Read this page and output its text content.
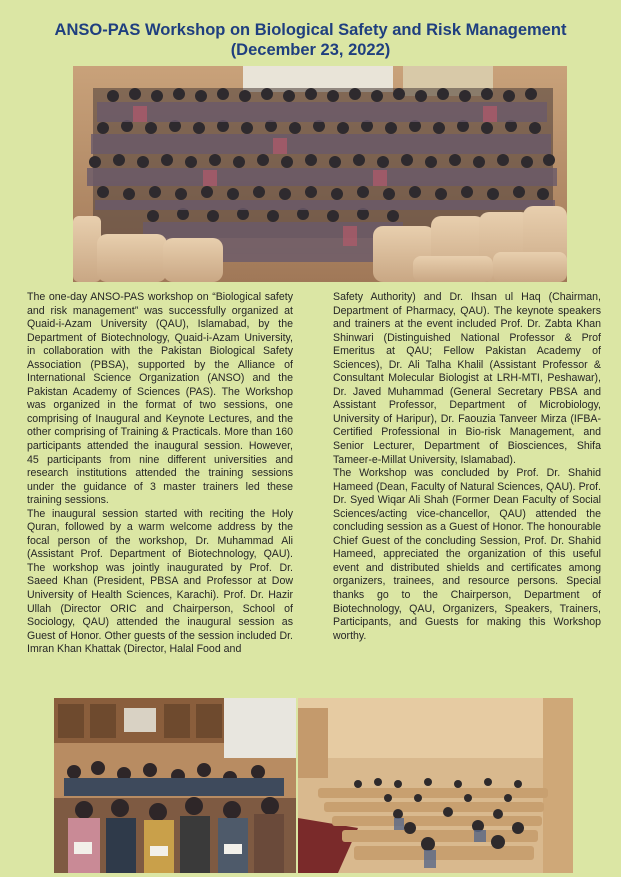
ANSO-PAS Workshop on Biological Safety and Risk Management
(December 23, 2022)

The one-day ANSO-PAS workshop on “Biological safety and risk management” was successfully organized at Quaid-i-Azam University (QAU), Islamabad, by the Department of Biotechnology, Quaid-i-Azam University, in collaboration with the Pakistan Biological Safety Association (PBSA), supported by the Alliance of International Science Organization (ANSO) and the Pakistan Academy of Sciences (PAS). The Workshop was organized in the format of two sessions, one comprising of Inaugural and Keynote Lectures, and the other comprising of Training & Practicals. More than 160 participants attended the inaugural session. However, 45 participants from nine different universities and research institutions attended the training sessions under the guidance of 3 master trainers led these training sessions.

The inaugural session started with reciting the Holy Quran, followed by a warm welcome address by the focal person of the workshop, Dr. Muhammad Ali (Assistant Prof. Department of Biotechnology, QAU). The workshop was jointly inaugurated by Prof. Dr. Saeed Khan (President, PBSA and Professor at Dow University of Health Sciences, Karachi). Prof. Dr. Hazir Ullah (Director ORIC and Chairperson, School of Sociology, QAU) attended the inaugural session as Guest of Honor. Other guests of the session included Dr. Imran Khan Khattak (Director, Halal Food and

Safety Authority) and Dr. Ihsan ul Haq (Chairman, Department of Pharmacy, QAU). The keynote speakers and trainers at the event included Prof. Dr. Zabta Khan Shinwari (Distinguished National Professor & Prof Emeritus at QAU; Fellow Pakistan Academy of Sciences), Dr. Ali Talha Khalil (Assistant Professor & Consultant Molecular Biologist at LRH-MTI, Peshawar), Dr. Javed Muhammad (General Secretary PBSA and Assistant Professor, Department of Microbiology, University of Haripur), Dr. Faouzia Tanveer Mirza (IFBA-Certified Professional in Bio-risk Management, and Senior Lecturer, Department of Biosciences, Shifa Tameer-e-Millat University, Islamabad).

The Workshop was concluded by Prof. Dr. Shahid Hameed (Dean, Faculty of Natural Sciences, QAU). Prof. Dr. Syed Wiqar Ali Shah (Former Dean Faculty of Social Sciences/acting vice-chancellor, QAU) attended the concluding session as a Guest of Honor. The honourable Chief Guest of the concluding Session, Prof. Dr. Shahid Hameed, appreciated the organization of this useful event and distributed shields and certificates among organizers, trainees, and resource persons. Special thanks go to the Chairperson, Department of Biotechnology, QAU, Organizers, Speakers, Trainers, Participants, and Guests for making this Workshop worthy.
